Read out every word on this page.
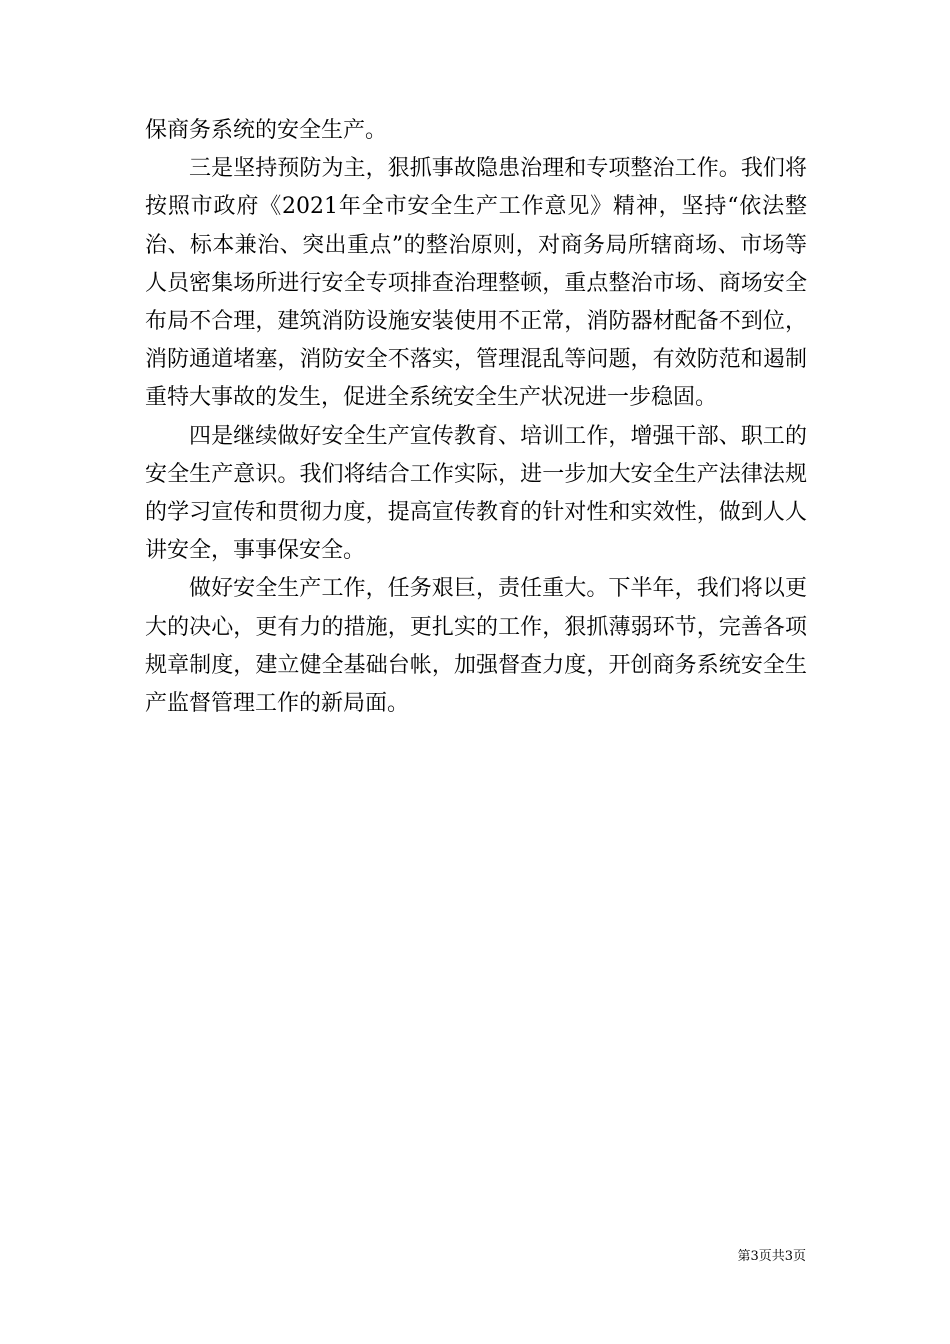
保商务系统的安全生产。

三是坚持预防为主，狠抓事故隐患治理和专项整治工作。我们将按照市政府《2021年全市安全生产工作意见》精神，坚持“依法整治、标本兼治、突出重点”的整治原则，对商务局所辖商场、市场等人员密集场所进行安全专项排查治理整顿，重点整治市场、商场安全布局不合理，建筑消防设施安装使用不正常，消防器材配备不到位，消防通道堵塞，消防安全不落实，管理混乱等问题，有效防范和遏制重特大事故的发生，促进全系统安全生产状况进一步稳固。

四是继续做好安全生产宣传教育、培训工作，增强干部、职工的安全生产意识。我们将结合工作实际，进一步加大安全生产法律法规的学习宣传和贯彻力度，提高宣传教育的针对性和实效性，做到人人讲安全，事事保安全。

做好安全生产工作，任务艰巨，责任重大。下半年，我们将以更大的决心，更有力的措施，更扎实的工作，狠抓薄弱环节，完善各项规章制度，建立健全基础台帐，加强督查力度，开创商务系统安全生产监督管理工作的新局面。

第3页共3页
